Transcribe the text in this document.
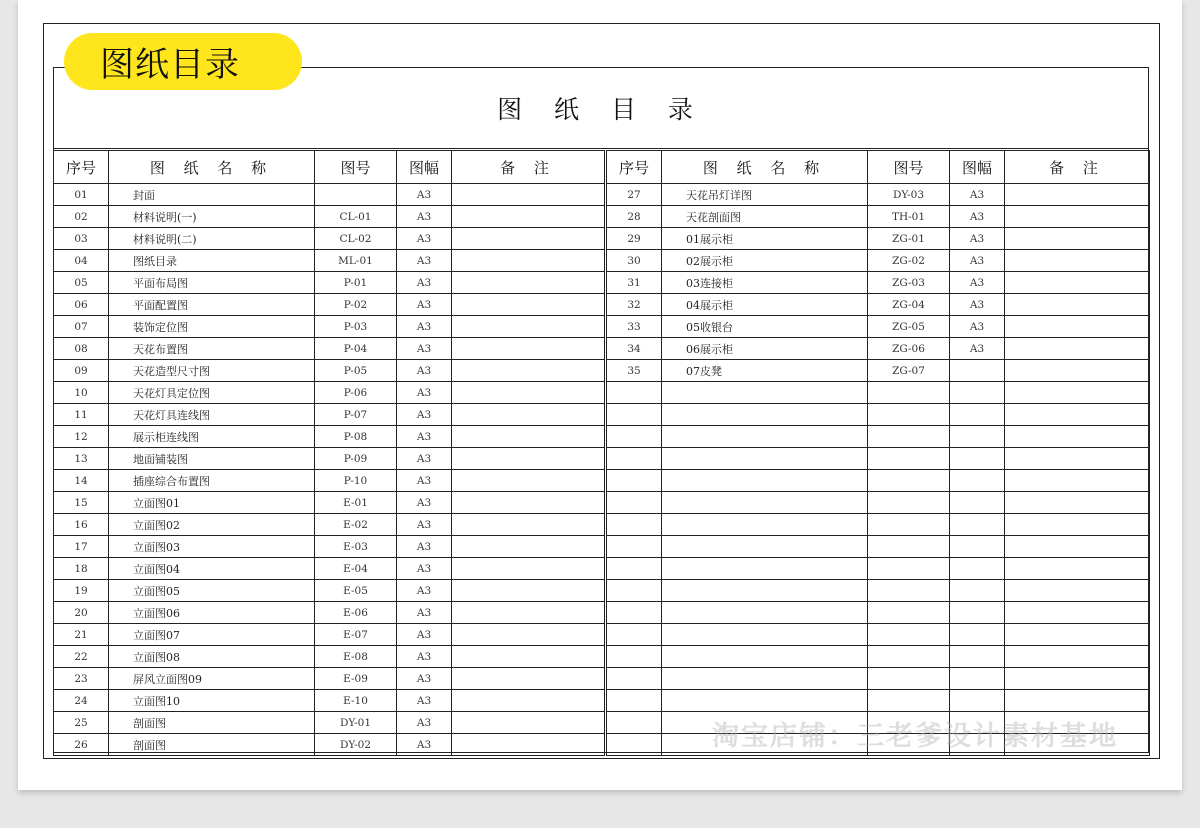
图纸目录
图 纸 目 录
序号	图 纸 名 称	图号	图幅	备 注
01	封面		A3	
02	材料说明(一)	CL-01	A3	
03	材料说明(二)	CL-02	A3	
04	图纸目录	ML-01	A3	
05	平面布局图	P-01	A3	
06	平面配置图	P-02	A3	
07	装饰定位图	P-03	A3	
08	天花布置图	P-04	A3	
09	天花造型尺寸图	P-05	A3	
10	天花灯具定位图	P-06	A3	
11	天花灯具连线图	P-07	A3	
12	展示柜连线图	P-08	A3	
13	地面铺装图	P-09	A3	
14	插座综合布置图	P-10	A3	
15	立面图01	E-01	A3	
16	立面图02	E-02	A3	
17	立面图03	E-03	A3	
18	立面图04	E-04	A3	
19	立面图05	E-05	A3	
20	立面图06	E-06	A3	
21	立面图07	E-07	A3	
22	立面图08	E-08	A3	
23	屏风立面图09	E-09	A3	
24	立面图10	E-10	A3	
25	剖面图	DY-01	A3	
26	剖面图	DY-02	A3	
序号	图 纸 名 称	图号	图幅	备 注
27	天花吊灯详图	DY-03	A3	
28	天花剖面图	TH-01	A3	
29	01展示柜	ZG-01	A3	
30	02展示柜	ZG-02	A3	
31	03连接柜	ZG-03	A3	
32	04展示柜	ZG-04	A3	
33	05收银台	ZG-05	A3	
34	06展示柜	ZG-06	A3	
35	07皮凳	ZG-07		

淘宝店铺：三老爹设计素材基地
